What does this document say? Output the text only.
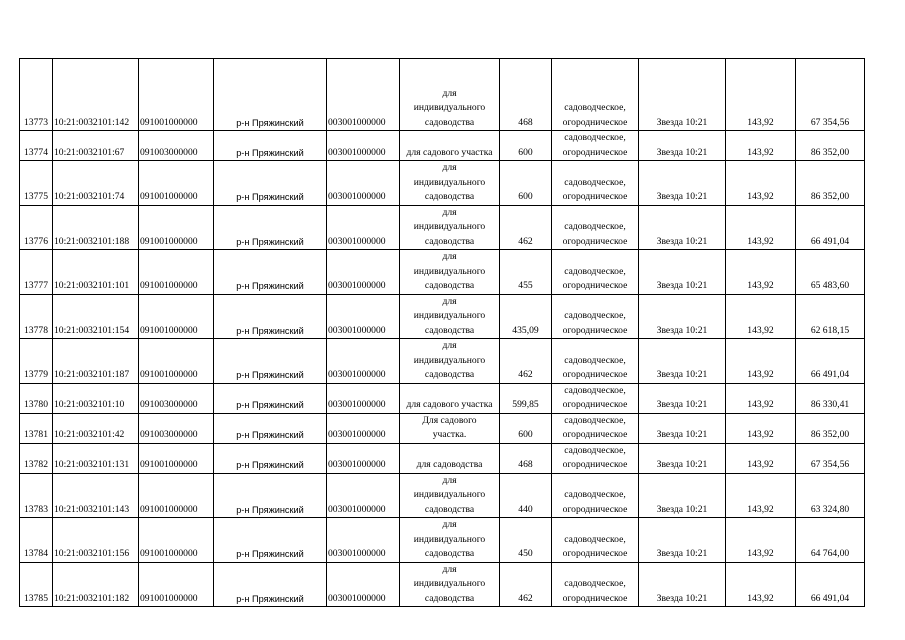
13773	10:21:0032101:142	091001000000	р-н Пряжинский	003001000000	для
индивидуального
садоводства	468	садоводческое,
огородническое	Звезда 10:21	143,92	67 354,56
13774	10:21:0032101:67	091003000000	р-н Пряжинский	003001000000	для садового участка	600	садоводческое,
огородническое	Звезда 10:21	143,92	86 352,00
13775	10:21:0032101:74	091001000000	р-н Пряжинский	003001000000	для
индивидуального
садоводства	600	садоводческое,
огородническое	Звезда 10:21	143,92	86 352,00
13776	10:21:0032101:188	091001000000	р-н Пряжинский	003001000000	для
индивидуального
садоводства	462	садоводческое,
огородническое	Звезда 10:21	143,92	66 491,04
13777	10:21:0032101:101	091001000000	р-н Пряжинский	003001000000	для
индивидуального
садоводства	455	садоводческое,
огородническое	Звезда 10:21	143,92	65 483,60
13778	10:21:0032101:154	091001000000	р-н Пряжинский	003001000000	для
индивидуального
садоводства	435,09	садоводческое,
огородническое	Звезда 10:21	143,92	62 618,15
13779	10:21:0032101:187	091001000000	р-н Пряжинский	003001000000	для
индивидуального
садоводства	462	садоводческое,
огородническое	Звезда 10:21	143,92	66 491,04
13780	10:21:0032101:10	091003000000	р-н Пряжинский	003001000000	для садового участка	599,85	садоводческое,
огородническое	Звезда 10:21	143,92	86 330,41
13781	10:21:0032101:42	091003000000	р-н Пряжинский	003001000000	Для садового
участка.	600	садоводческое,
огородническое	Звезда 10:21	143,92	86 352,00
13782	10:21:0032101:131	091001000000	р-н Пряжинский	003001000000	для садоводства	468	садоводческое,
огородническое	Звезда 10:21	143,92	67 354,56
13783	10:21:0032101:143	091001000000	р-н Пряжинский	003001000000	для
индивидуального
садоводства	440	садоводческое,
огородническое	Звезда 10:21	143,92	63 324,80
13784	10:21:0032101:156	091001000000	р-н Пряжинский	003001000000	для
индивидуального
садоводства	450	садоводческое,
огородническое	Звезда 10:21	143,92	64 764,00
13785	10:21:0032101:182	091001000000	р-н Пряжинский	003001000000	для
индивидуального
садоводства	462	садоводческое,
огородническое	Звезда 10:21	143,92	66 491,04
